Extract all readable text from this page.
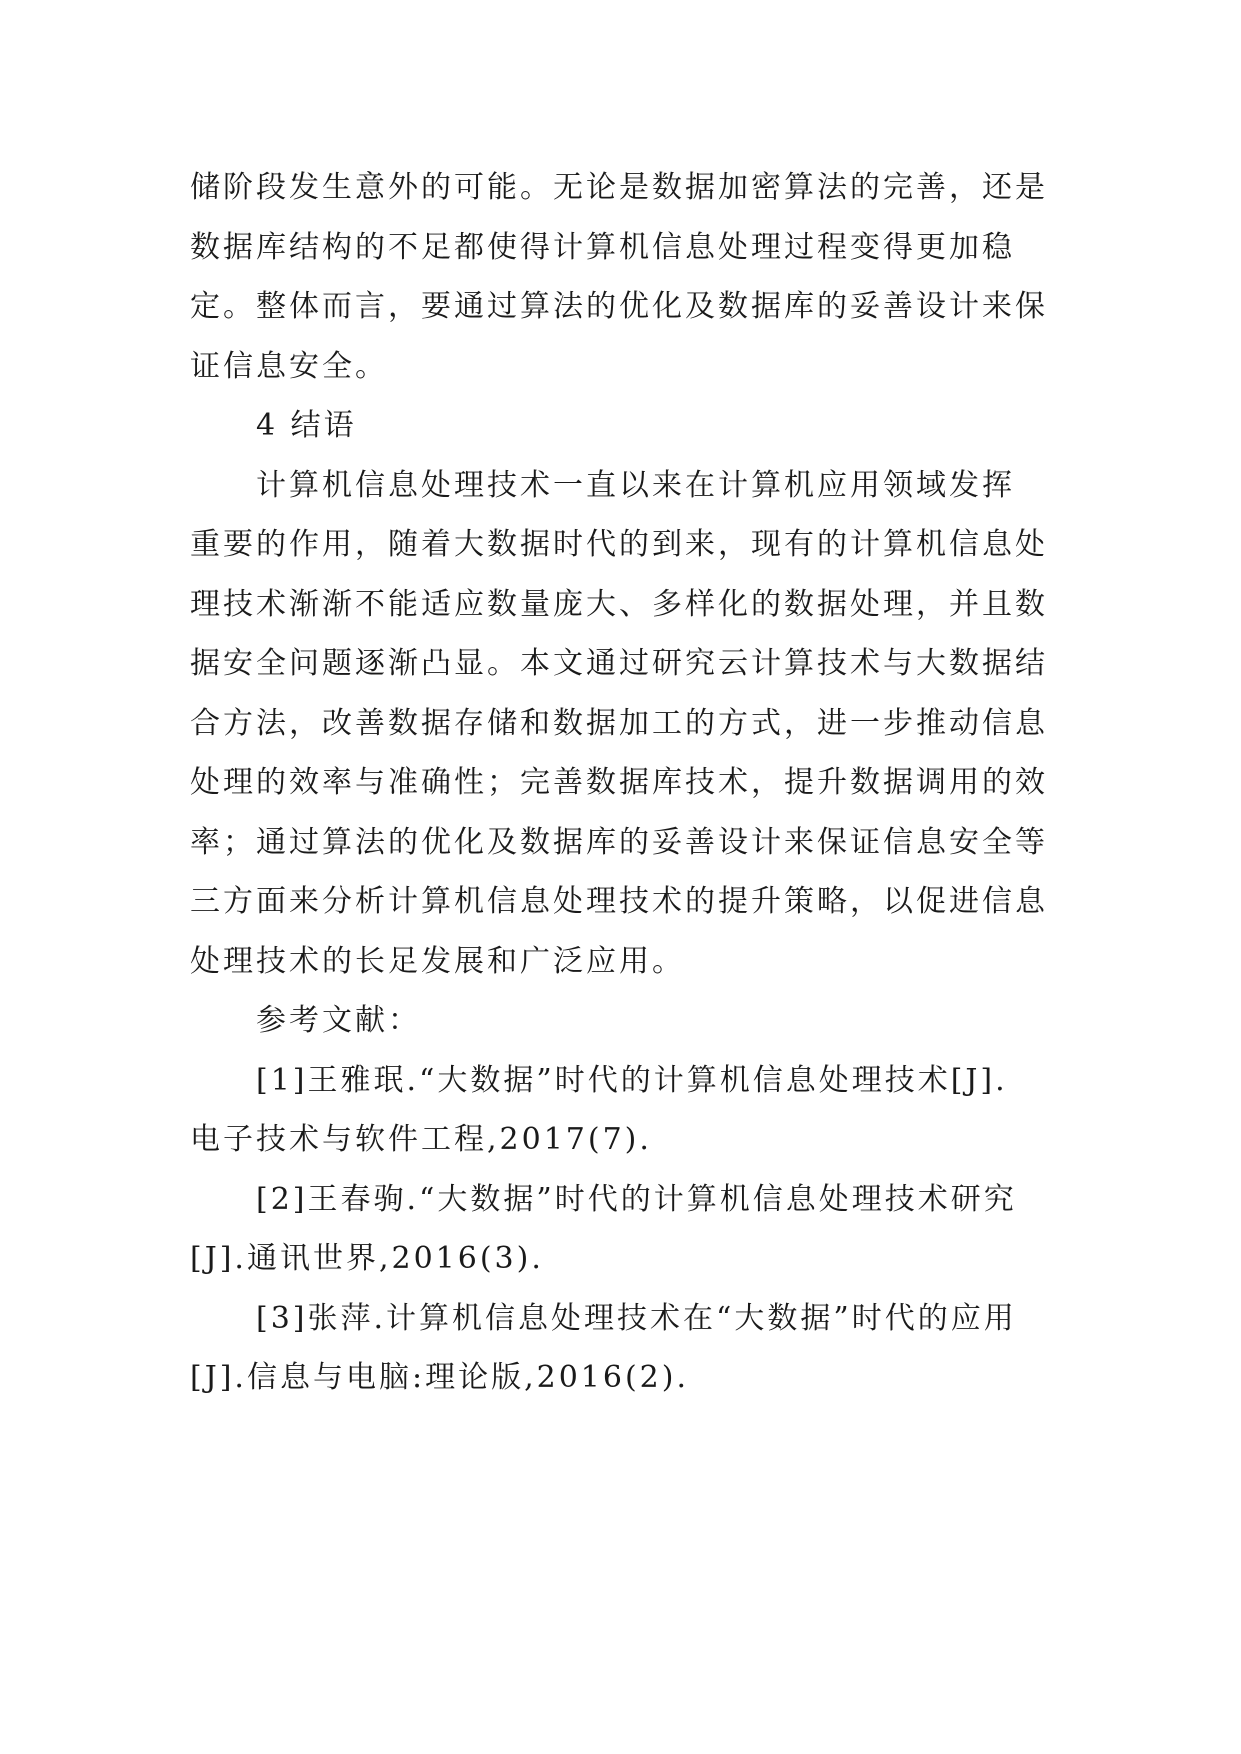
储阶段发生意外的可能。无论是数据加密算法的完善，还是
数据库结构的不足都使得计算机信息处理过程变得更加稳
定。整体而言，要通过算法的优化及数据库的妥善设计来保
证信息安全。
4 结语
计算机信息处理技术一直以来在计算机应用领域发挥
重要的作用，随着大数据时代的到来，现有的计算机信息处
理技术渐渐不能适应数量庞大、多样化的数据处理，并且数
据安全问题逐渐凸显。本文通过研究云计算技术与大数据结
合方法，改善数据存储和数据加工的方式，进一步推动信息
处理的效率与准确性；完善数据库技术，提升数据调用的效
率；通过算法的优化及数据库的妥善设计来保证信息安全等
三方面来分析计算机信息处理技术的提升策略，以促进信息
处理技术的长足发展和广泛应用。
参考文献：
[1]王雅珉.“大数据”时代的计算机信息处理技术[J].
电子技术与软件工程,2017(7).
[2]王春驹.“大数据”时代的计算机信息处理技术研究
[J].通讯世界,2016(3).
[3]张萍.计算机信息处理技术在“大数据”时代的应用
[J].信息与电脑:理论版,2016(2).
